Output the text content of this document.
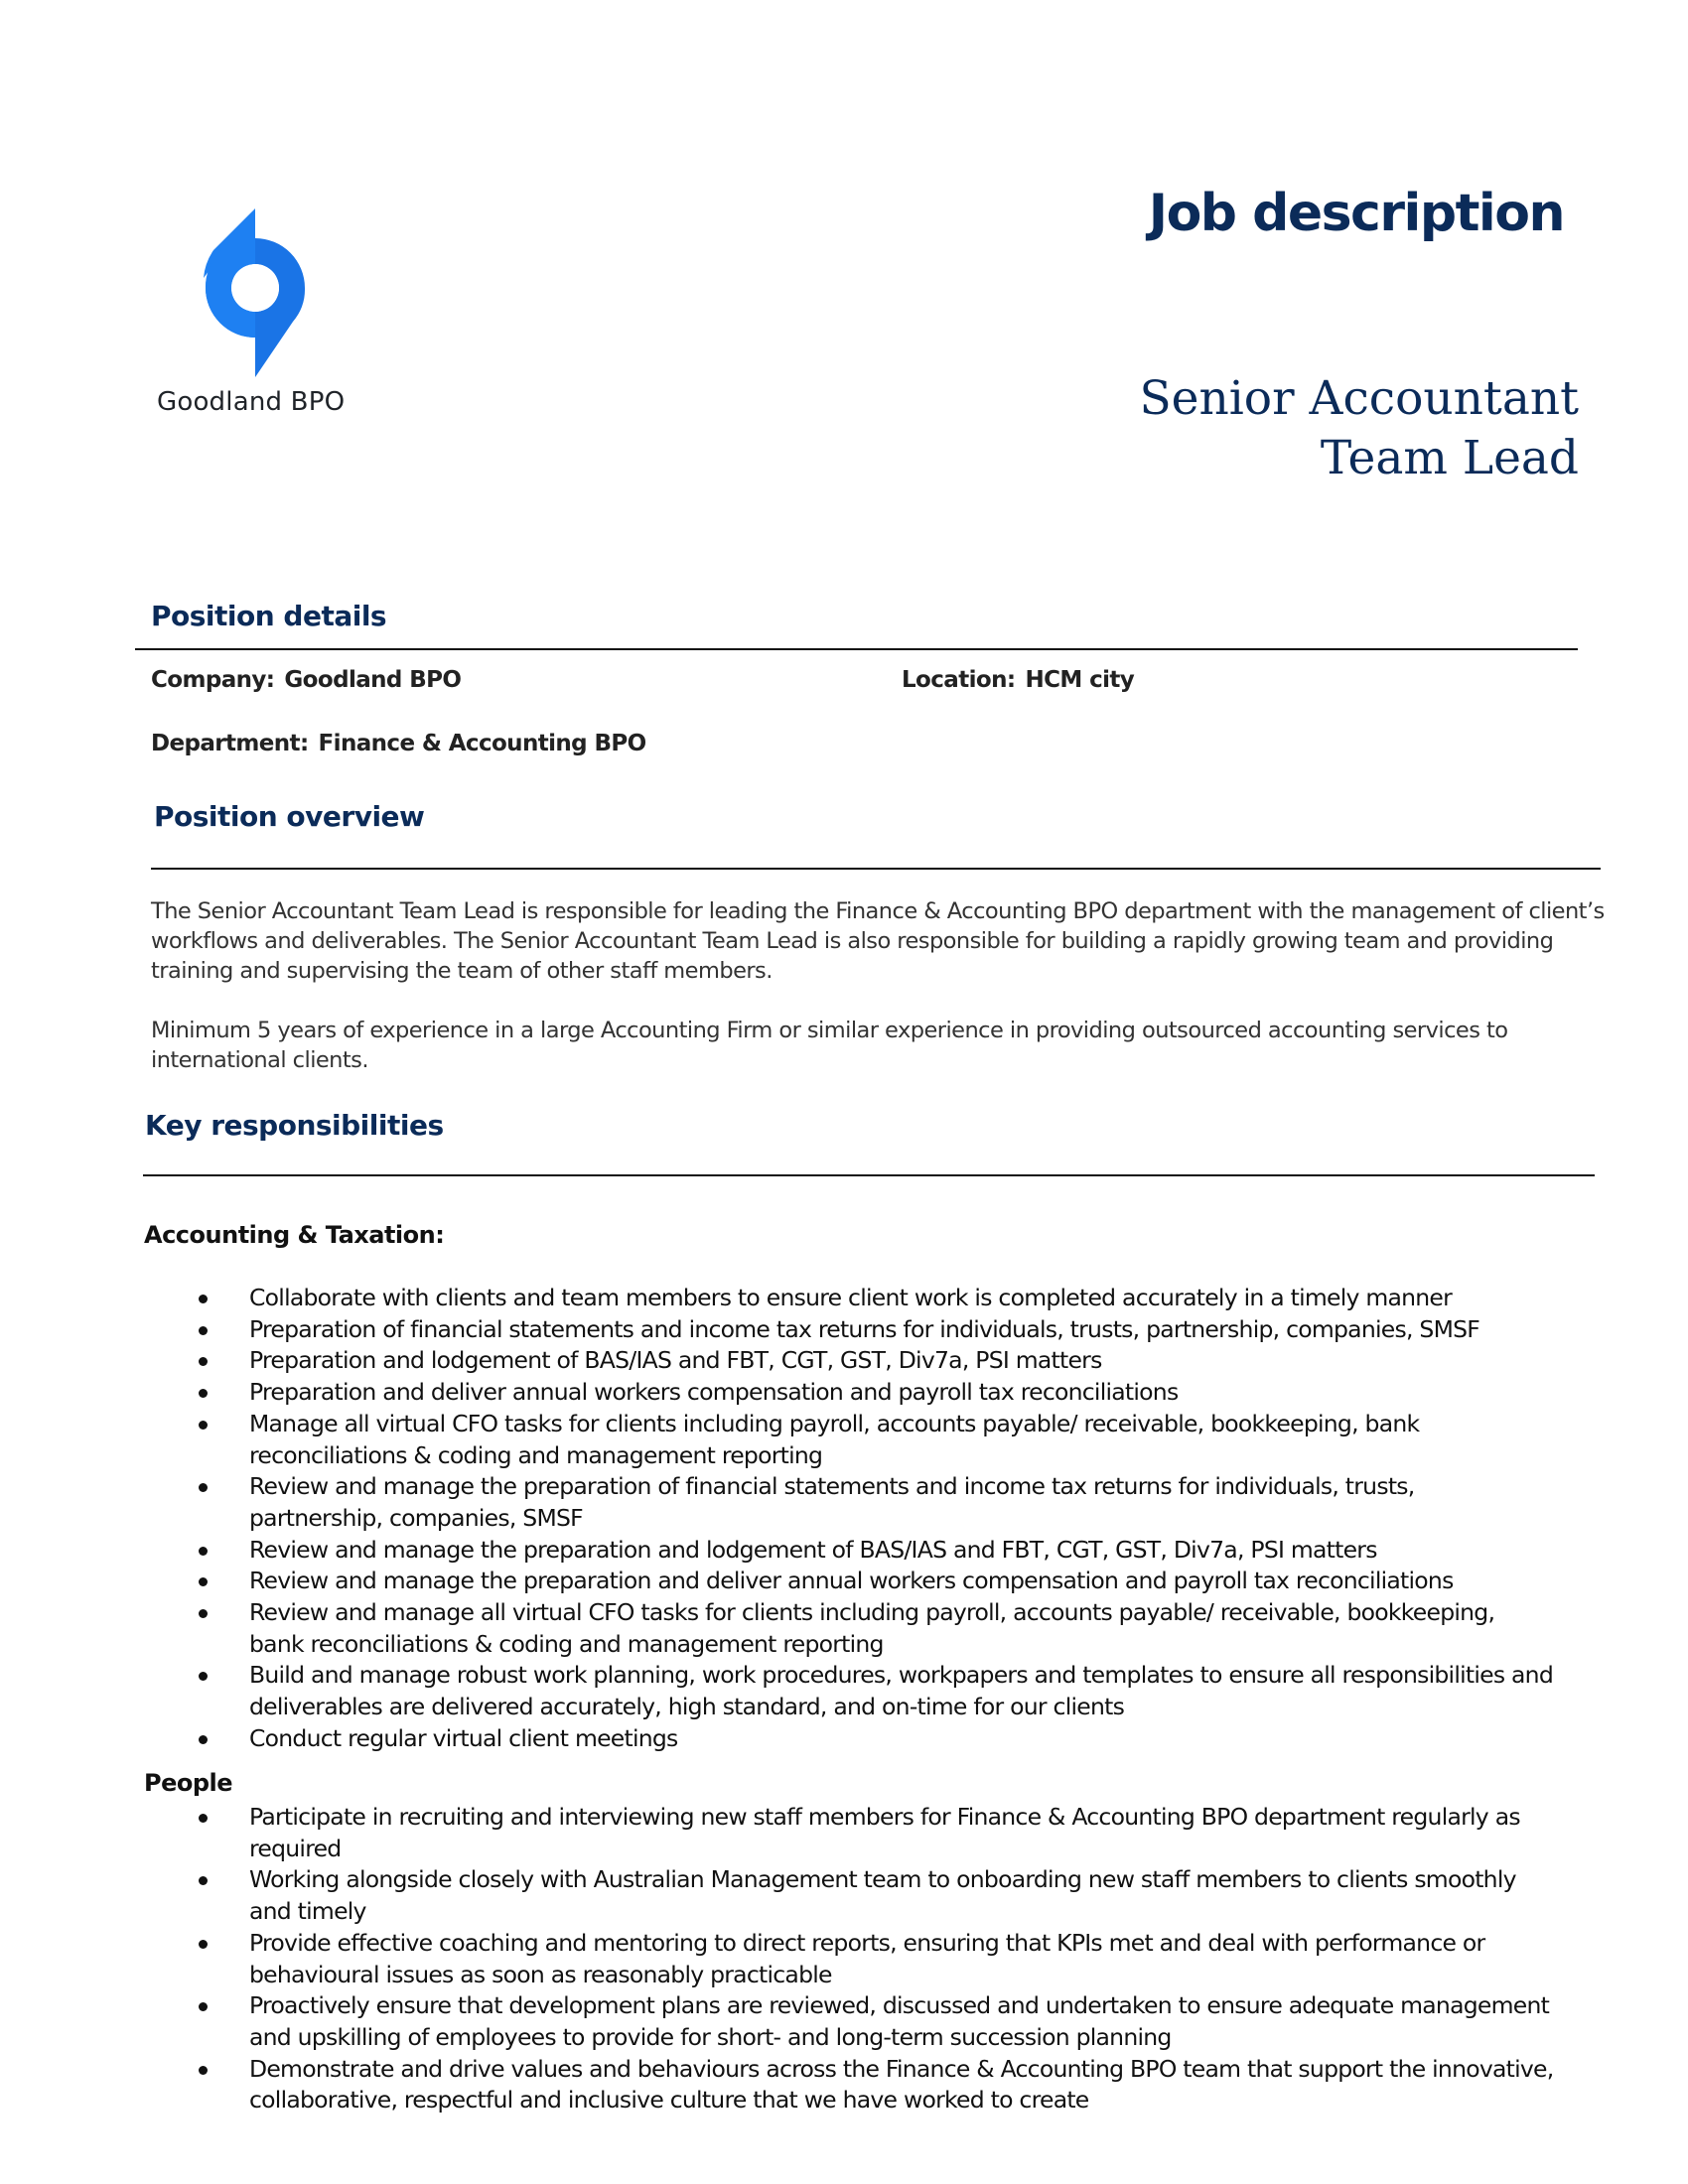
Goodland BPO
Job description
Senior Accountant
Team Lead
Position details
Company: Goodland BPO	Location: HCM city
Department: Finance & Accounting BPO
Position overview
The Senior Accountant Team Lead is responsible for leading the Finance & Accounting BPO department with the management of client’s workflows and deliverables. The Senior Accountant Team Lead is also responsible for building a rapidly growing team and providing training and supervising the team of other staff members.
Minimum 5 years of experience in a large Accounting Firm or similar experience in providing outsourced accounting services to international clients.
Key responsibilities
Accounting & Taxation:
Collaborate with clients and team members to ensure client work is completed accurately in a timely manner
Preparation of financial statements and income tax returns for individuals, trusts, partnership, companies, SMSF
Preparation and lodgement of BAS/IAS and FBT, CGT, GST, Div7a, PSI matters
Preparation and deliver annual workers compensation and payroll tax reconciliations
Manage all virtual CFO tasks for clients including payroll, accounts payable/ receivable, bookkeeping, bank reconciliations & coding and management reporting
Review and manage the preparation of financial statements and income tax returns for individuals, trusts, partnership, companies, SMSF
Review and manage the preparation and lodgement of BAS/IAS and FBT, CGT, GST, Div7a, PSI matters
Review and manage the preparation and deliver annual workers compensation and payroll tax reconciliations
Review and manage all virtual CFO tasks for clients including payroll, accounts payable/ receivable, bookkeeping, bank reconciliations & coding and management reporting
Build and manage robust work planning, work procedures, workpapers and templates to ensure all responsibilities and deliverables are delivered accurately, high standard, and on-time for our clients
Conduct regular virtual client meetings
People
Participate in recruiting and interviewing new staff members for Finance & Accounting BPO department regularly as required
Working alongside closely with Australian Management team to onboarding new staff members to clients smoothly and timely
Provide effective coaching and mentoring to direct reports, ensuring that KPIs met and deal with performance or behavioural issues as soon as reasonably practicable
Proactively ensure that development plans are reviewed, discussed and undertaken to ensure adequate management and upskilling of employees to provide for short- and long-term succession planning
Demonstrate and drive values and behaviours across the Finance & Accounting BPO team that support the innovative, collaborative, respectful and inclusive culture that we have worked to create
